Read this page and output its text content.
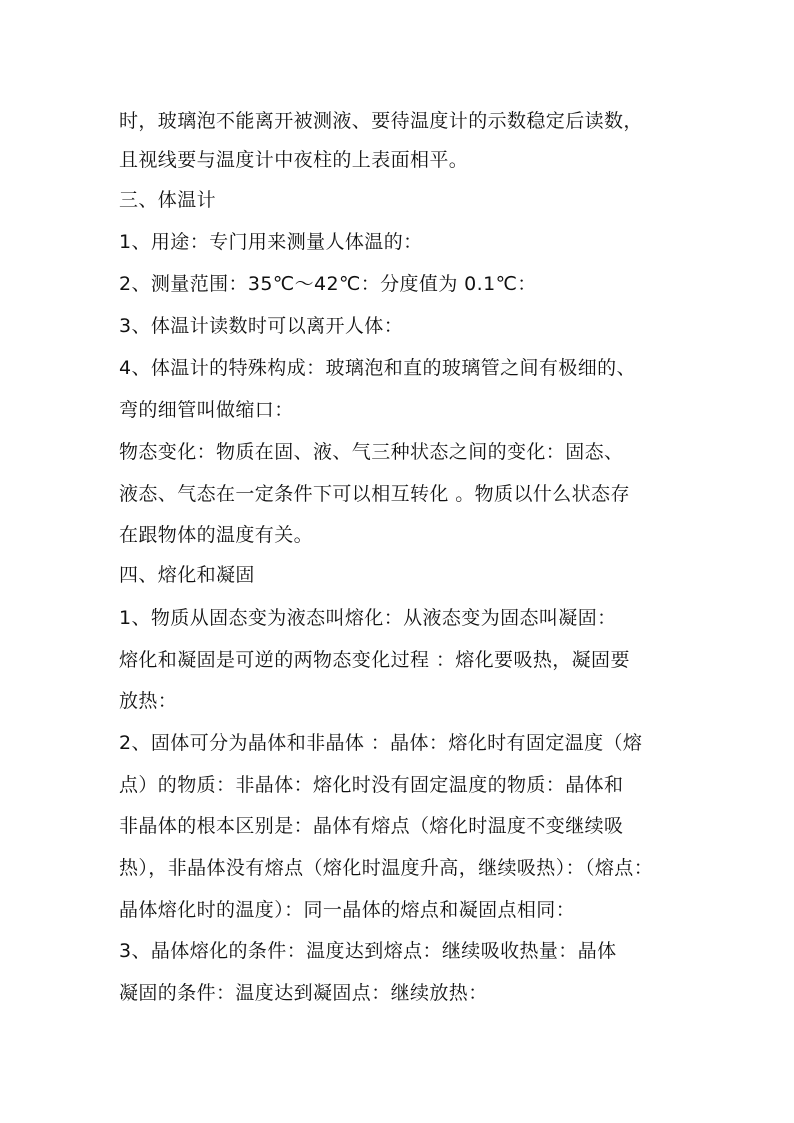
时，玻璃泡不能离开被测液、要待温度计的示数稳定后读数，
且视线要与温度计中夜柱的上表面相平。
三、体温计
1、用途：专门用来测量人体温的：
2、测量范围：35℃～42℃：分度值为 0.1℃：
3、体温计读数时可以离开人体：
4、体温计的特殊构成：玻璃泡和直的玻璃管之间有极细的、
弯的细管叫做缩口：
物态变化：物质在固、液、气三种状态之间的变化：固态、
液态、气态在一定条件下可以相互转化 。物质以什么状态存
在跟物体的温度有关。
四、熔化和凝固
1、物质从固态变为液态叫熔化：从液态变为固态叫凝固：
熔化和凝固是可逆的两物态变化过程 ：熔化要吸热，凝固要
放热：
2、固体可分为晶体和非晶体 ：晶体：熔化时有固定温度（熔
点）的物质：非晶体：熔化时没有固定温度的物质：晶体和
非晶体的根本区别是：晶体有熔点（熔化时温度不变继续吸
热），非晶体没有熔点（熔化时温度升高，继续吸热）：（熔点：
晶体熔化时的温度）：同一晶体的熔点和凝固点相同：
3、晶体熔化的条件：温度达到熔点：继续吸收热量：晶体
凝固的条件：温度达到凝固点：继续放热：
